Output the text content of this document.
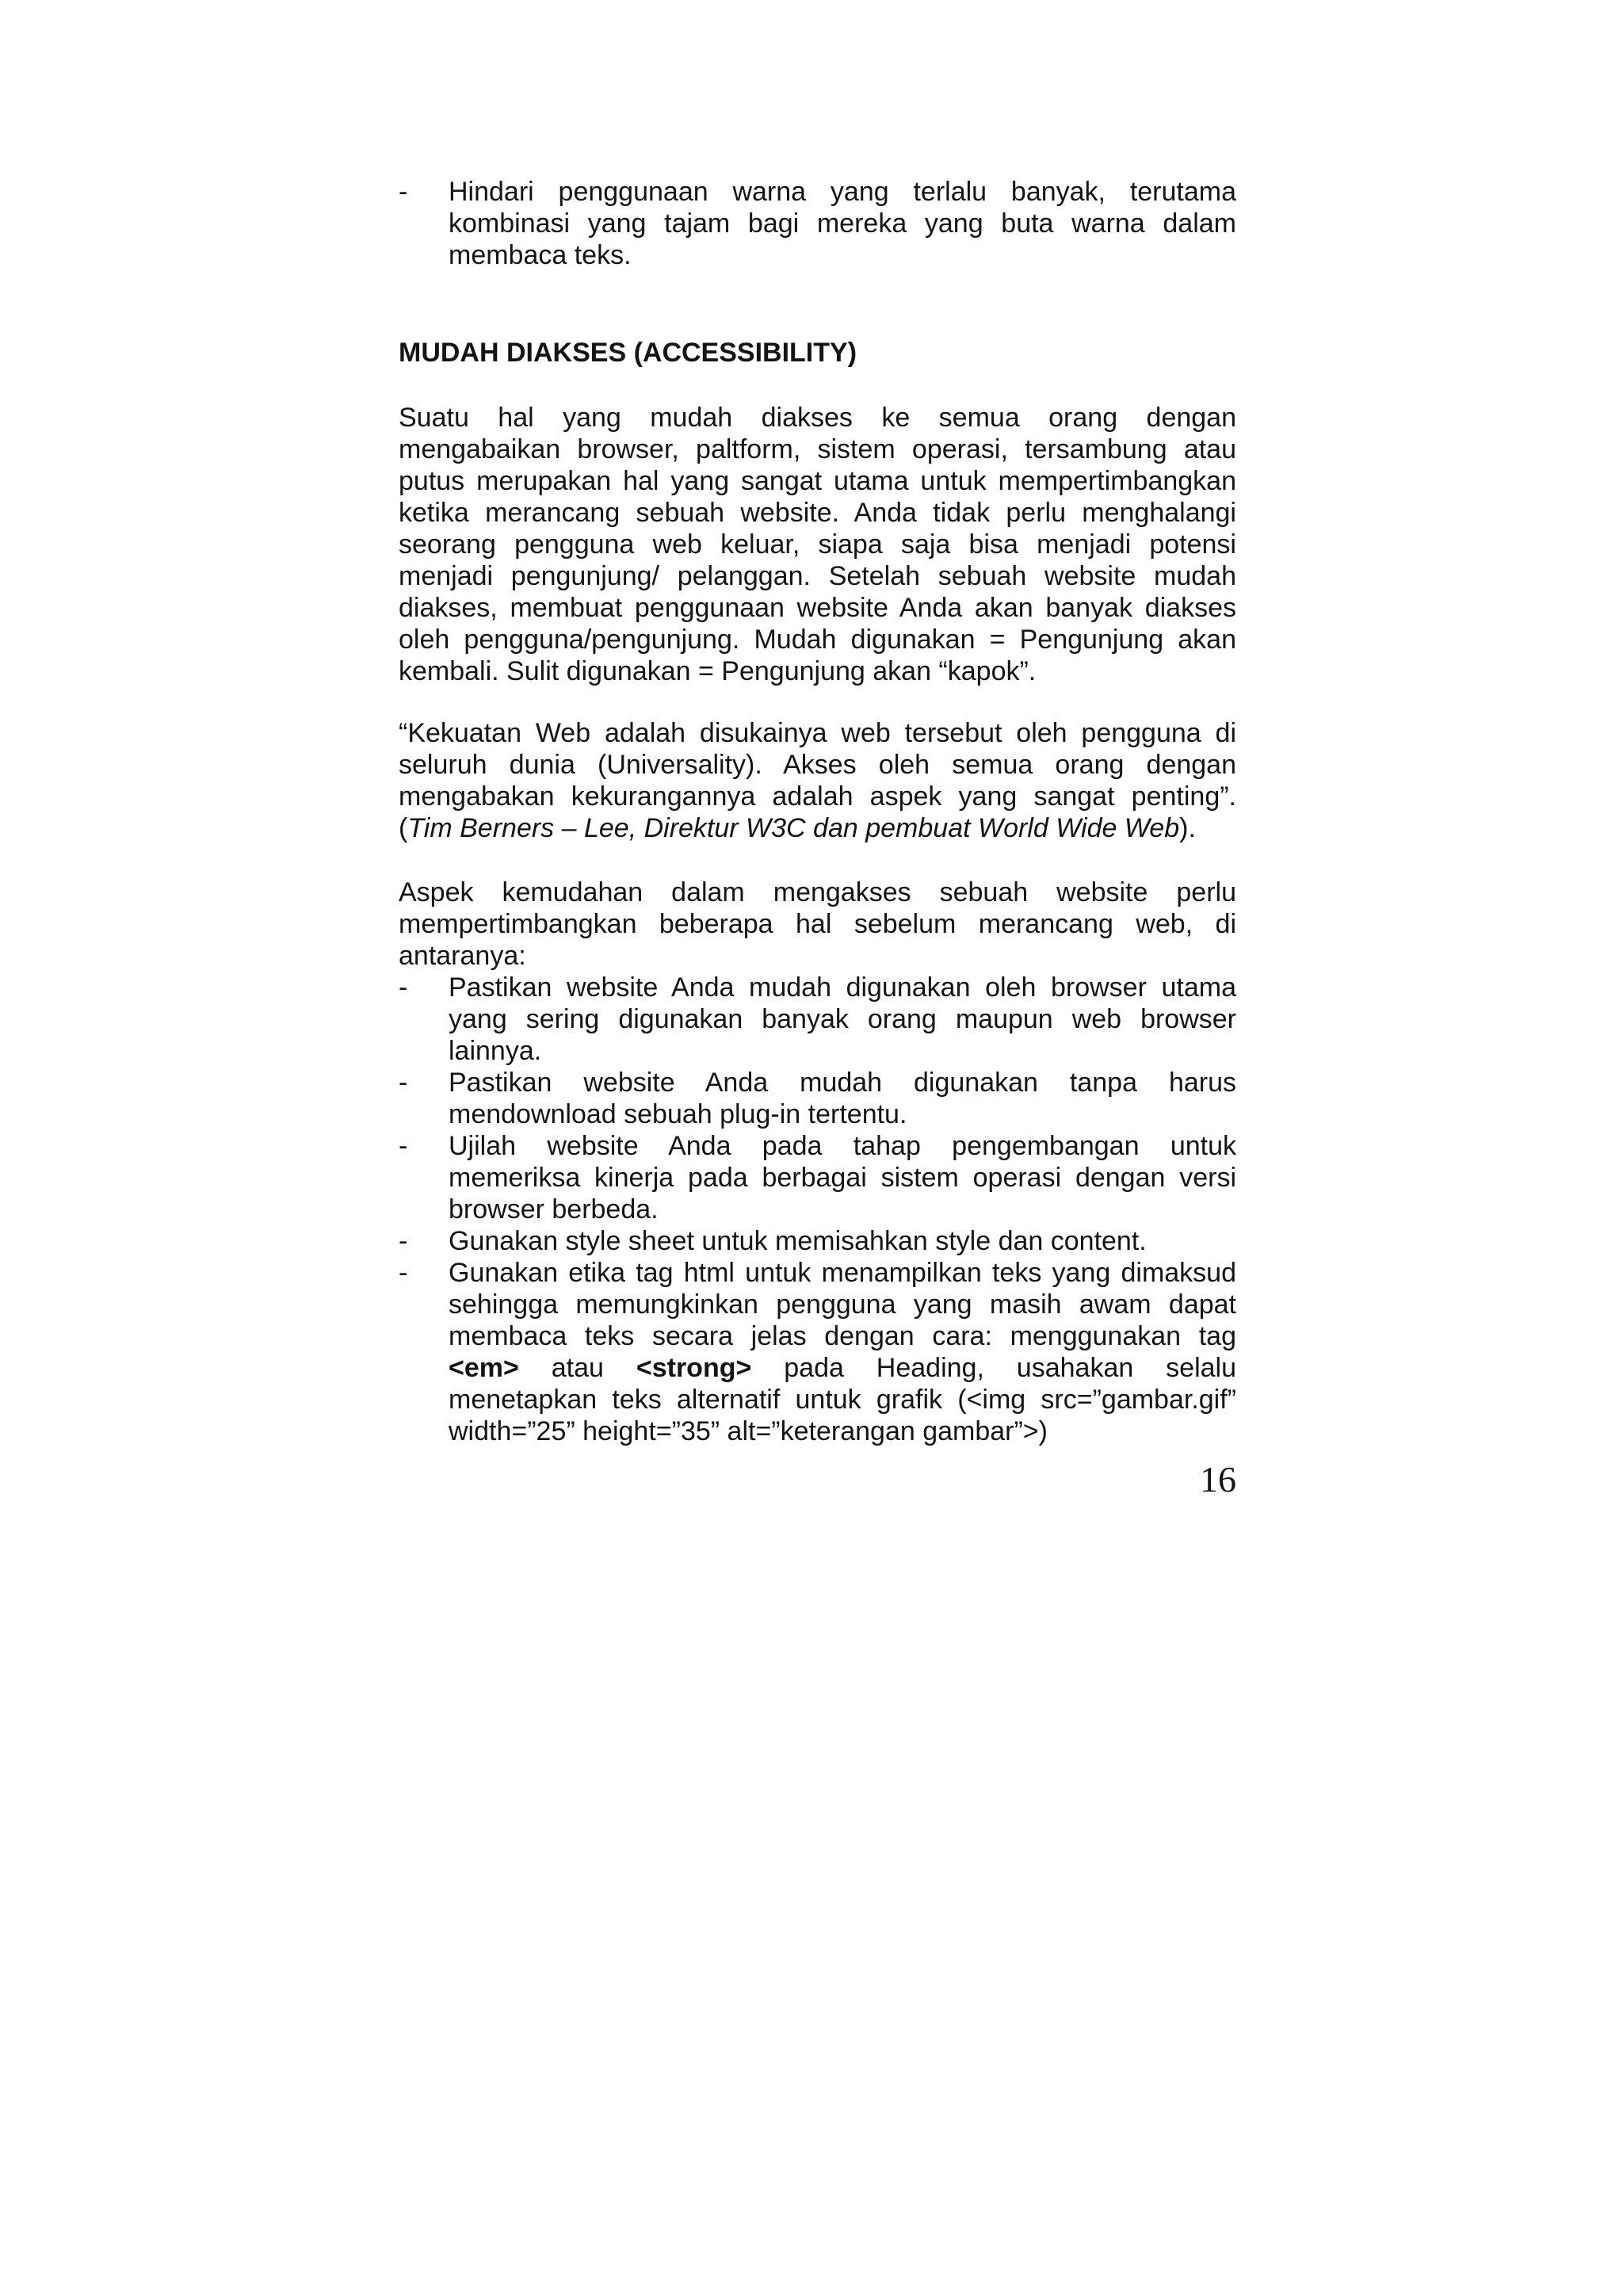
-	Hindari penggunaan warna yang terlalu banyak, terutama
kombinasi yang tajam bagi mereka yang buta warna dalam
membaca teks.
MUDAH DIAKSES (ACCESSIBILITY)
Suatu hal yang mudah diakses ke semua orang dengan
mengabaikan browser, paltform, sistem operasi, tersambung atau
putus merupakan hal yang sangat utama untuk mempertimbangkan
ketika merancang sebuah website. Anda tidak perlu menghalangi
seorang pengguna web keluar, siapa saja bisa menjadi potensi
menjadi pengunjung/ pelanggan. Setelah sebuah website mudah
diakses, membuat penggunaan website Anda akan banyak diakses
oleh pengguna/pengunjung. Mudah digunakan = Pengunjung akan
kembali. Sulit digunakan = Pengunjung akan “kapok”.
“Kekuatan Web adalah disukainya web tersebut oleh pengguna di
seluruh dunia (Universality). Akses oleh semua orang dengan
mengabakan kekurangannya adalah aspek yang sangat penting”.
(Tim Berners – Lee, Direktur W3C dan pembuat World Wide Web).
Aspek kemudahan dalam mengakses sebuah website perlu
mempertimbangkan beberapa hal sebelum merancang web, di
antaranya:
-	Pastikan website Anda mudah digunakan oleh browser utama
yang sering digunakan banyak orang maupun web browser
lainnya.
-	Pastikan website Anda mudah digunakan tanpa harus
mendownload sebuah plug-in tertentu.
-	Ujilah website Anda pada tahap pengembangan untuk
memeriksa kinerja pada berbagai sistem operasi dengan versi
browser berbeda.
-	Gunakan style sheet untuk memisahkan style dan content.
-	Gunakan etika tag html untuk menampilkan teks yang dimaksud
sehingga memungkinkan pengguna yang masih awam dapat
membaca teks secara jelas dengan cara: menggunakan tag
<em> atau <strong> pada Heading, usahakan selalu
menetapkan teks alternatif untuk grafik (<img src=”gambar.gif”
width=”25” height=”35” alt=”keterangan gambar”>)
16
